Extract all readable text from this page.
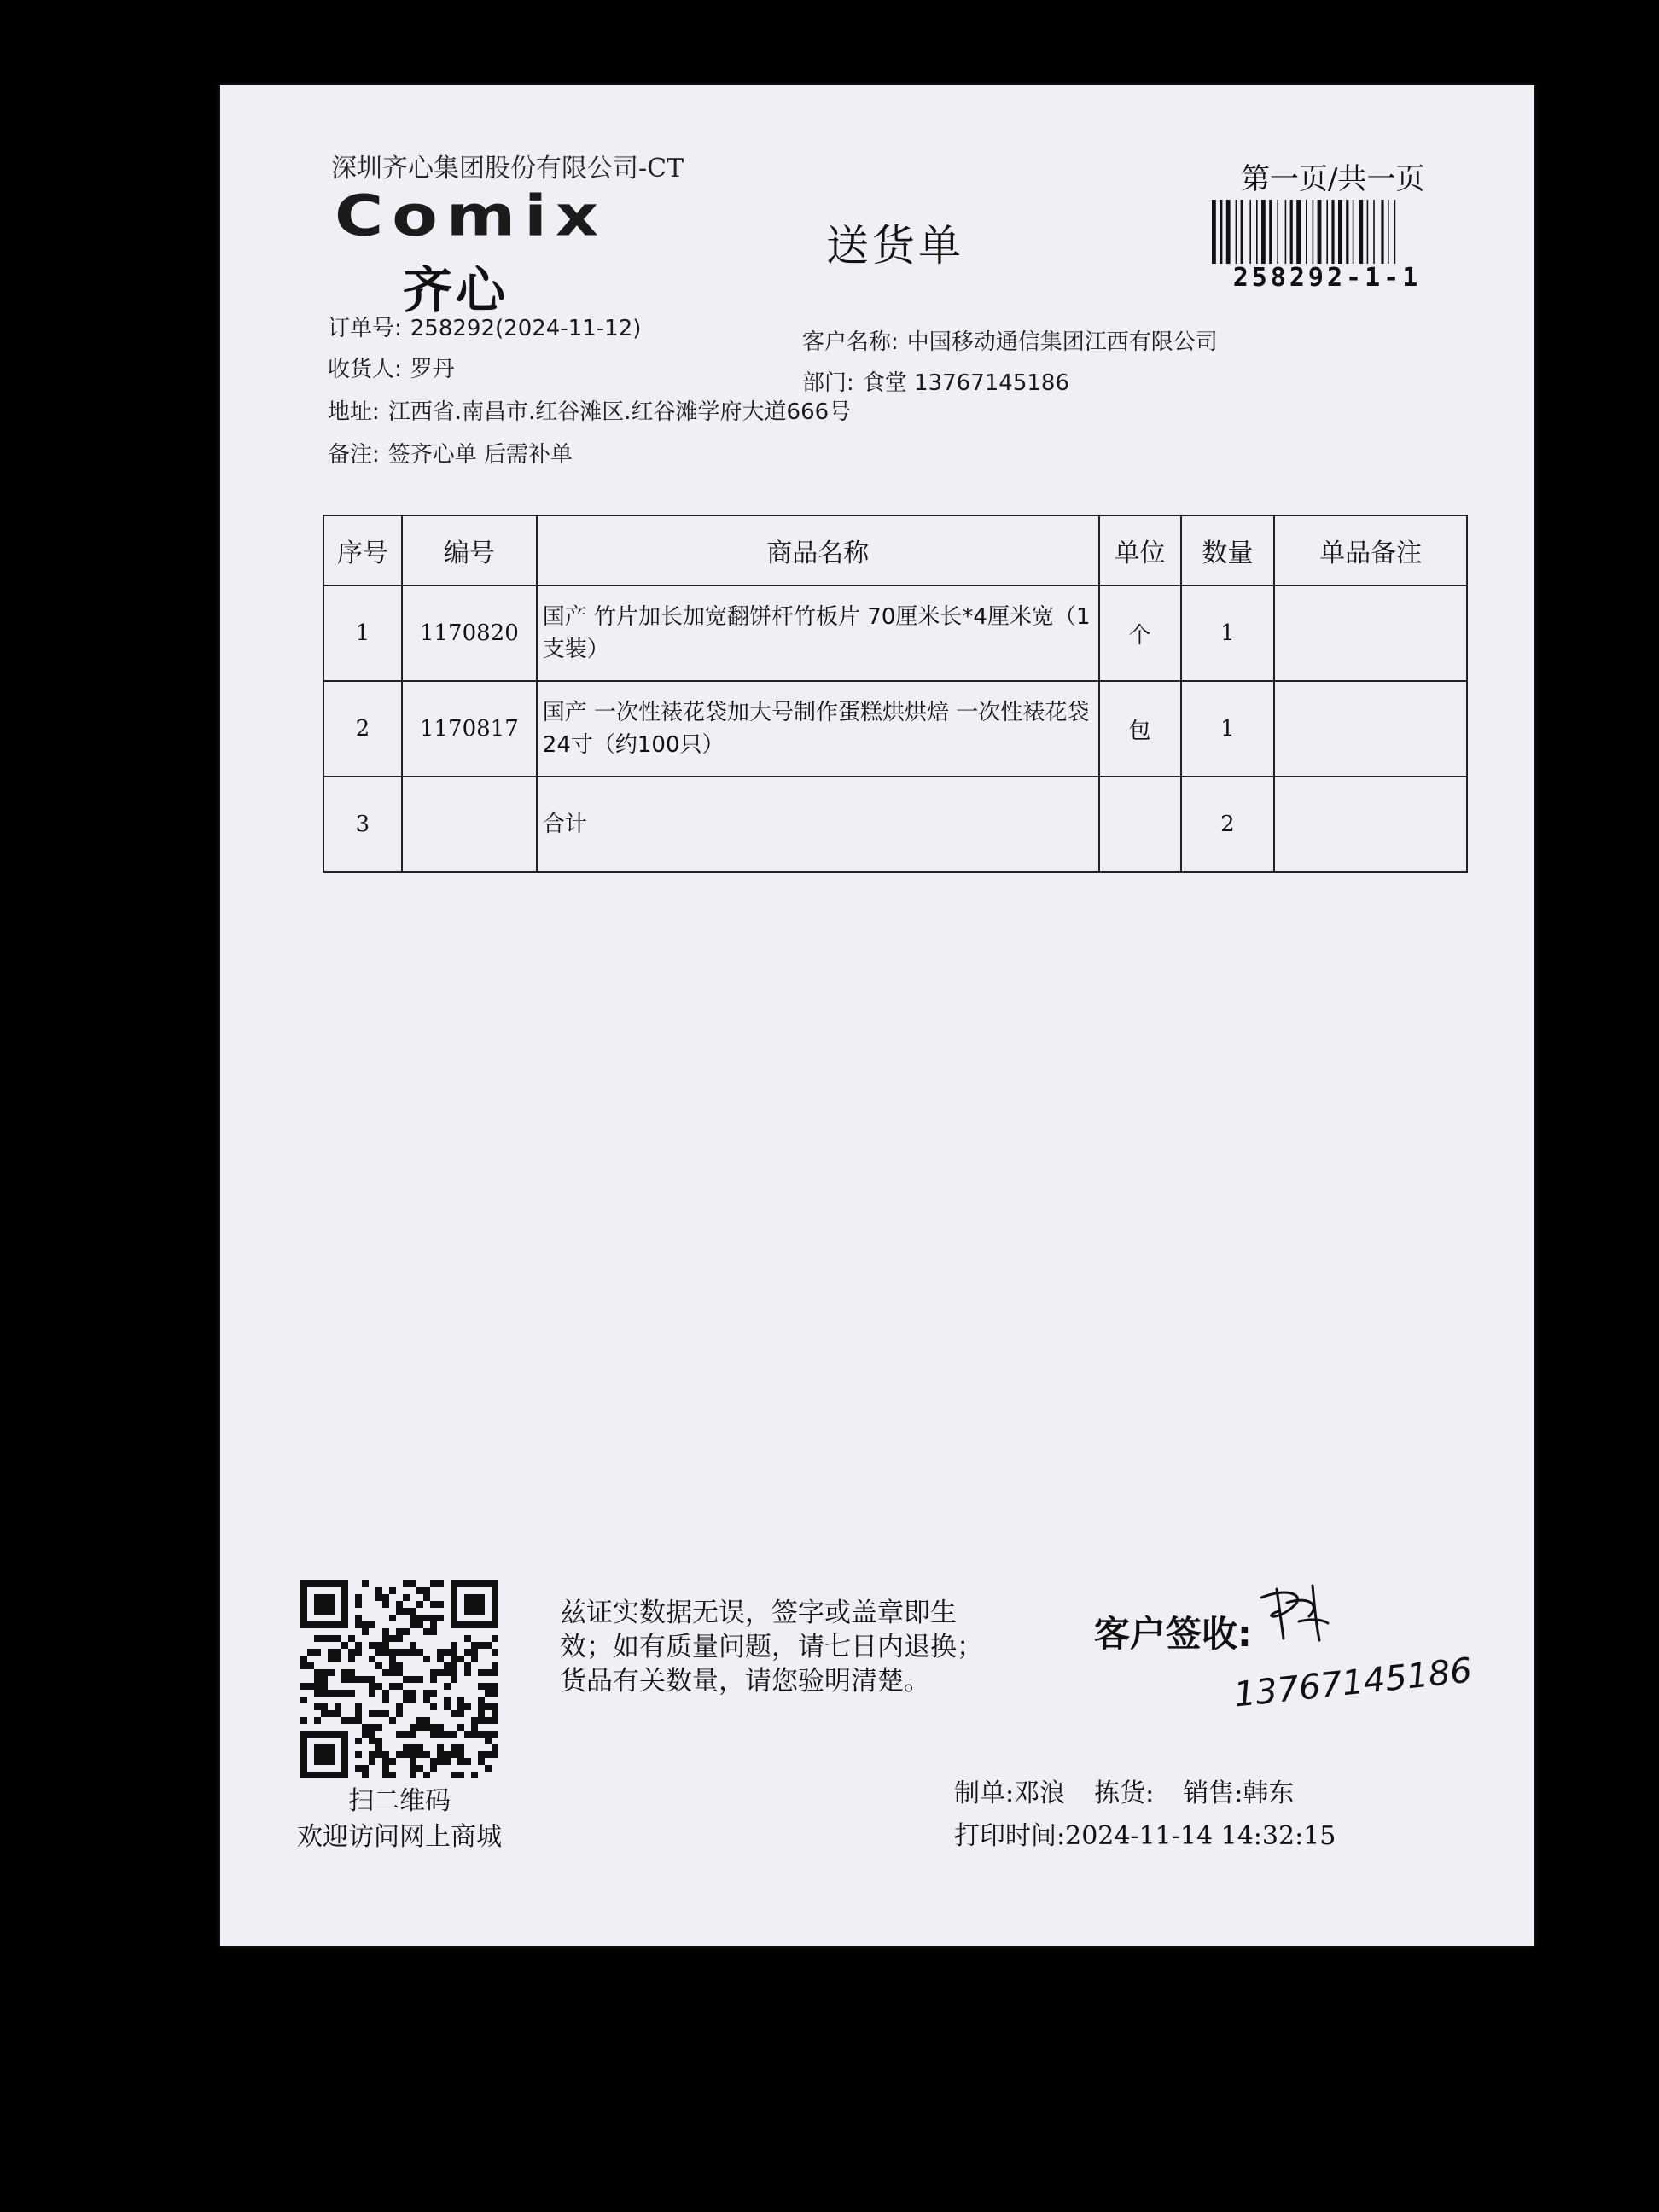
深圳齐心集团股份有限公司-CT
Comix
齐心
送货单
第一页/共一页
258292-1-1
订单号: 258292(2024-11-12)
收货人: 罗丹
地址: 江西省.南昌市.红谷滩区.红谷滩学府大道666号
备注: 签齐心单 后需补单
客户名称: 中国移动通信集团江西有限公司
部门: 食堂 13767145186
序号	编号	商品名称	单位	数量	单品备注
1	1170820	国产 竹片加长加宽翻饼杆竹板片 70厘米长*4厘米宽（1支装）	个	1	
2	1170817	国产 一次性裱花袋加大号制作蛋糕烘烘焙 一次性裱花袋24寸（约100只）	包	1	
3		合计		2	
扫二维码
欢迎访问网上商城
兹证实数据无误，签字或盖章即生效；如有质量问题，请七日内退换；货品有关数量，请您验明清楚。
客户签收:
13767145186
制单:邓浪 拣货: 销售:韩东
打印时间:2024-11-14 14:32:15
